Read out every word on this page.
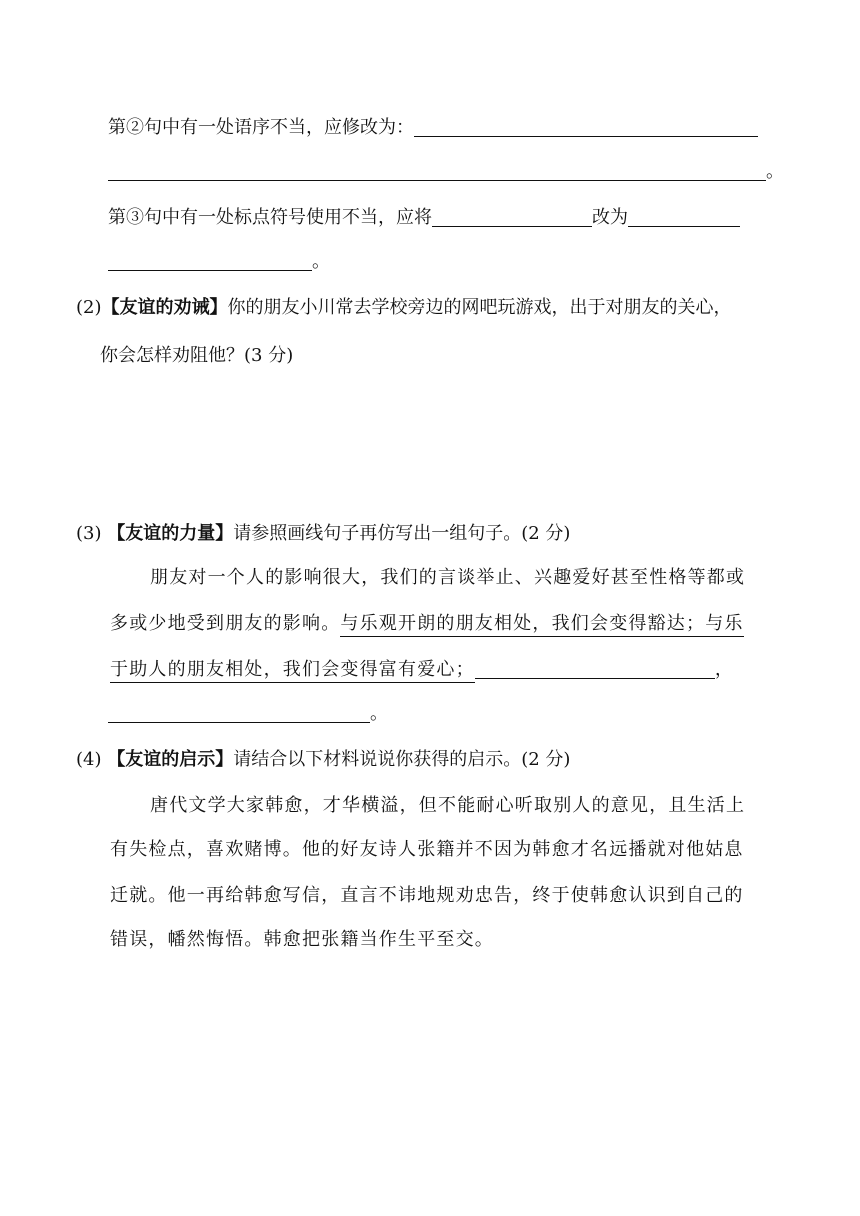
第②句中有一处语序不当，应修改为：
。
第③句中有一处标点符号使用不当，应将	改为
。
(2)【友谊的劝诫】你的朋友小川常去学校旁边的网吧玩游戏，出于对朋友的关心，
你会怎样劝阻他？(3 分)
(3) 【友谊的力量】请参照画线句子再仿写出一组句子。(2 分)
朋友对一个人的影响很大，我们的言谈举止、兴趣爱好甚至性格等都或
多或少地受到朋友的影响。与乐观开朗的朋友相处，我们会变得豁达；与乐
于助人的朋友相处，我们会变得富有爱心；	，
。
(4) 【友谊的启示】请结合以下材料说说你获得的启示。(2 分)
唐代文学大家韩愈，才华横溢，但不能耐心听取别人的意见，且生活上
有失检点，喜欢赌博。他的好友诗人张籍并不因为韩愈才名远播就对他姑息
迁就。他一再给韩愈写信，直言不讳地规劝忠告，终于使韩愈认识到自己的
错误，幡然悔悟。韩愈把张籍当作生平至交。
